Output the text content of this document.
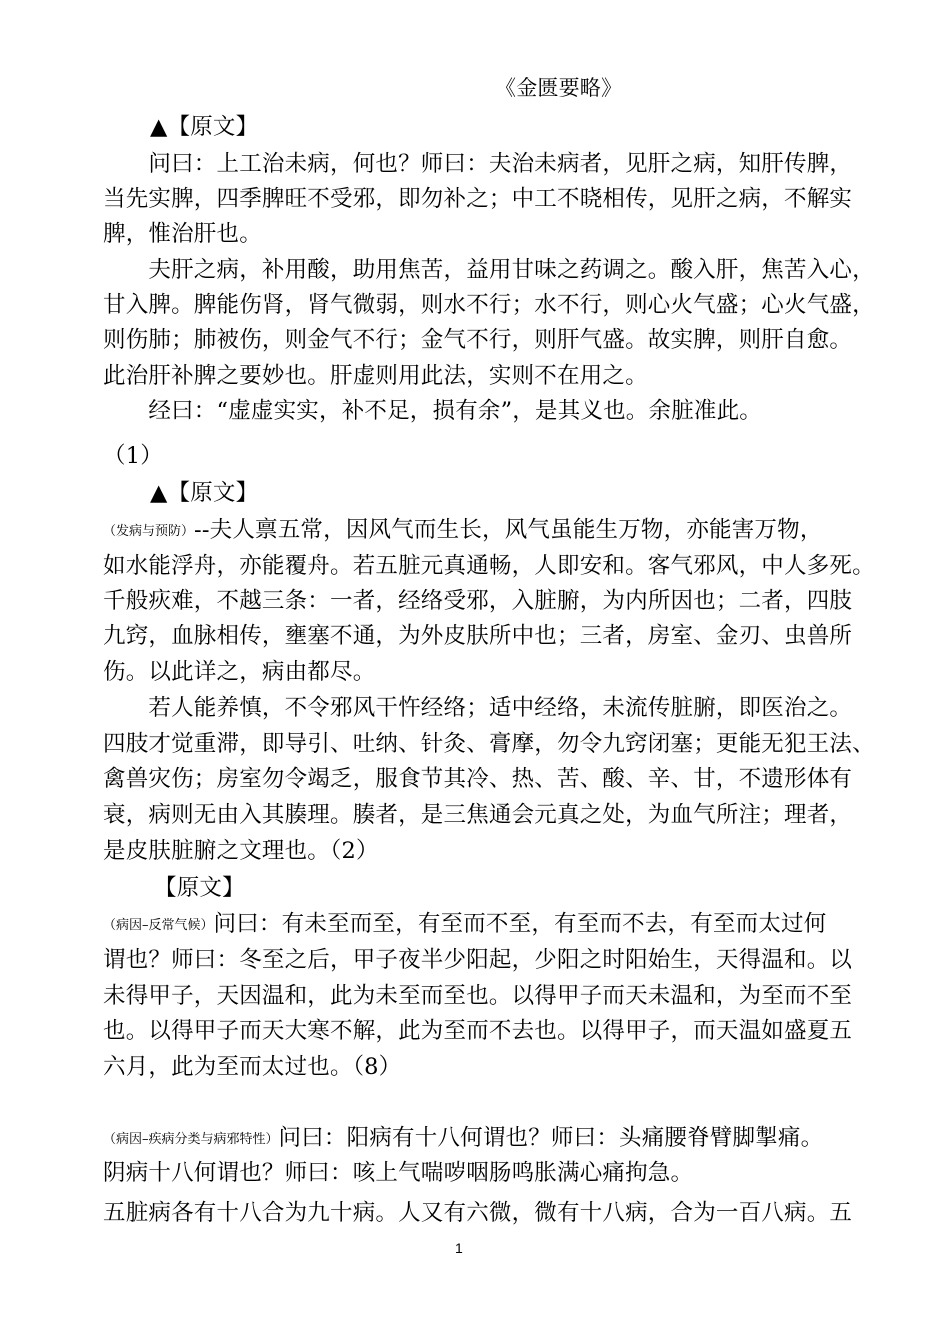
《金匮要略》
▲【原文】
　　问曰：上工治未病，何也？师曰：夫治未病者，见肝之病，知肝传脾，
当先实脾，四季脾旺不受邪，即勿补之；中工不晓相传，见肝之病，不解实
脾，惟治肝也。
　　夫肝之病，补用酸，助用焦苦，益用甘味之药调之。酸入肝，焦苦入心，
甘入脾。脾能伤肾，肾气微弱，则水不行；水不行，则心火气盛；心火气盛，
则伤肺；肺被伤，则金气不行；金气不行，则肝气盛。故实脾，则肝自愈。
此治肝补脾之要妙也。肝虚则用此法，实则不在用之。
　　经曰：“虚虚实实，补不足，损有余”，是其义也。余脏准此。
（1）
▲【原文】
（发病与预防）--夫人禀五常，因风气而生长，风气虽能生万物，亦能害万物，
如水能浮舟，亦能覆舟。若五脏元真通畅，人即安和。客气邪风，中人多死。
千般疢难，不越三条：一者，经络受邪，入脏腑，为内所因也；二者，四肢
九窍，血脉相传，壅塞不通，为外皮肤所中也；三者，房室、金刃、虫兽所
伤。以此详之，病由都尽。
　　若人能养慎，不令邪风干忤经络；适中经络，未流传脏腑，即医治之。
四肢才觉重滞，即导引、吐纳、针灸、膏摩，勿令九窍闭塞；更能无犯王法、
禽兽灾伤；房室勿令竭乏，服食节其冷、热、苦、酸、辛、甘，不遗形体有
衰，病则无由入其腠理。腠者，是三焦通会元真之处，为血气所注；理者，
是皮肤脏腑之文理也。（2）
【原文】
（病因–反常气候）问曰：有未至而至，有至而不至，有至而不去，有至而太过何
谓也？师曰：冬至之后，甲子夜半少阳起，少阳之时阳始生，天得温和。以
未得甲子，天因温和，此为未至而至也。以得甲子而天未温和，为至而不至
也。以得甲子而天大寒不解，此为至而不去也。以得甲子，而天温如盛夏五
六月，此为至而太过也。（8）
（病因–疾病分类与病邪特性）问曰：阳病有十八何谓也？师曰：头痛腰脊臂脚掣痛。
阴病十八何谓也？师曰：咳上气喘哕咽肠鸣胀满心痛拘急。
五脏病各有十八合为九十病。人又有六微，微有十八病，合为一百八病。五
1
